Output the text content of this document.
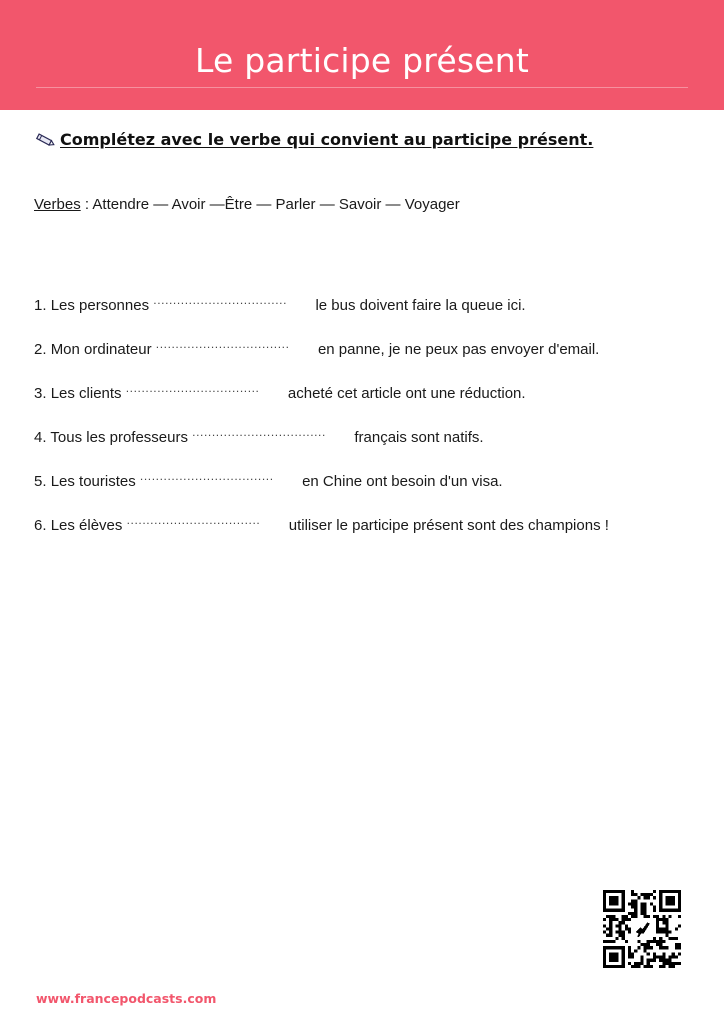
Le participe présent
Complétez avec le verbe qui convient au participe présent.
Verbes : Attendre — Avoir —Être — Parler — Savoir — Voyager
1. Les personnes .....	le bus doivent faire la queue ici.
2. Mon ordinateur .....	en panne, je ne peux pas envoyer d'email.
3. Les clients .....	acheté cet article ont une réduction.
4. Tous les professeurs .....	français sont natifs.
5. Les touristes .....	en Chine ont besoin d'un visa.
6. Les élèves .....	utiliser le participe présent sont des champions !
www.francepodcasts.com
